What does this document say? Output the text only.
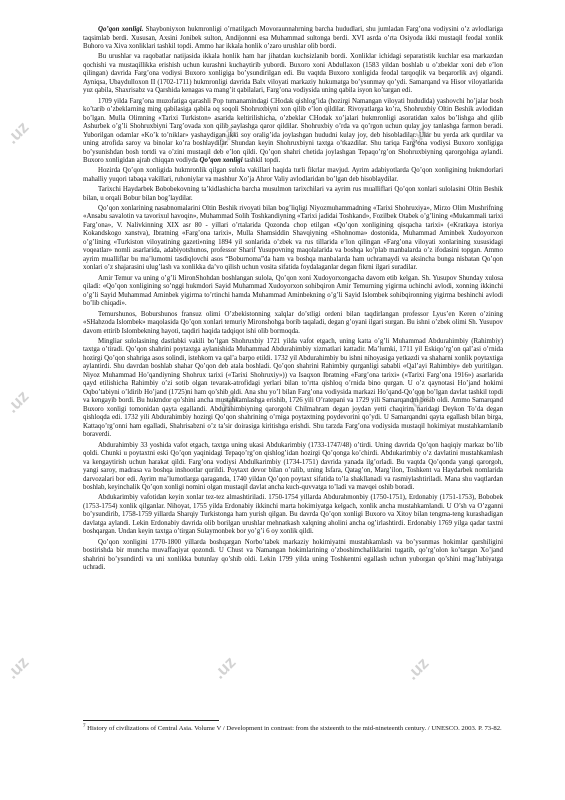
.uz	.uz	.uz
.uz	.uz	.uz
.uz	.uz	.uz

Qo’qon xonligi. Shayboniyxon hukmronligi o’rnatilgach Movoraunnahrning barcha hududlari, shu jumladan Farg’ona vodiysini o’z avlodlariga taqsimlab berdi. Xususan, Axsini Jonibek sulton, Andijonnni esa Muhammad sultonga berdi. XVI asrda o’rta Osiyoda ikki mustaqil feodal xonlik Buhoro va Xiva xonliklari tashkil topdi. Ammo har ikkala honlik o’zaro urushlar olib bordi.

Bu urushlar va raqobatlar natijasida ikkala honlik ham har jihatdan kuchsizlanib bordi. Xonliklar ichidagi separatistik kuchlar esa markazdan qochishi va mustaqillikka erishish uchun kurashni kuchaytirib yubordi. Buxoro xoni Abdullaxon (1583 yildan boshlab u o’zbeklar xoni deb e’lon qilingan) davrida Farg’ona vodiysi Buxoro xonligiga bo’ysundirilgan edi. Bu vaqtda Buxoro xonligida feodal tarqoqlik va beqarorlik avj olgandi. Ayniqsa, Ubaydulloxon II (1702-1711) hukmronligi davrida Balx viloyati markaziy hukumatga bo’ysunmay qo’ydi. Samarqand va Hisor viloyatlarida yuz qabila, Shaxrisabz va Qarshida kenagas va mang’it qabilalari, Farg’ona vodiysida uning qabila isyon ko’targan edi.

1709 yilda Farg’ona muzofatiga qarashli Pop tumanamindagi CHodak qishlog’ida (hozirgi Namangan viloyati hududida) yashovchi ho’jalar bosh ko’tarib o’zbeklarning ming qabilasiga qabila oq soqoli Shohruxbiyni xon qilib e’lon qildilar. Rivoyatlarga ko’ra, Shohruxbiy Oltin Beshik avlodidan bo’lgan. Mulla Olimning «Tarixi Turkiston» asarida keltirilishicha, o’zbeklar CHodak xo’jalari hukmronligi asoratidan xalos bo’lishga ahd qilib Ashurbek o’g’li Shohruxbiyni Targ’ovada xon qilib saylashga qaror qildilar. Shohruxbiy o’rda va qo’rgon uchun qulay joy tanlashga farmon beradi. Yuborilgan odamlar «Ko’k to’niklar» yashaydigan ikki soy oralig’ida joylashgan hududni kulay joy, deb hisobladilar. Ular bu yerda ark qurdilar va uning atrofida saroy va binolar ko’ra boshlaydilar. Shundan keyin Shohruxbiyni taxtga o’tkazdilar. Shu tariqa Farg’ona vodiysi Buxoro xonligiga bo’ysunishdan bosh tortdi va o’zini mustaqil deb e’lon qildi. Qo’qon shahri chetida joylashgan Tepaqo’rg’on Shohruxbiyning qarorgohiga aylandi. Buxoro xonligidan ajrab chiqqan vodiyda Qo’qon xonligi tashkil topdi.

Hozirda Qo’qon xonligida hukmronlik qilgan sulola vakillari haqida turli fikrlar mavjud. Ayrim adabiyotlarda Qo’qon xonligining hukmdorlari mahalliy yuqori tabaqa vakillari, ruhoniylar va mashhur Xo’ja Ahror Valiy avlodlaridan bo’lgan deb hisoblaydilar.

Tarixchi Haydarbek Bobobekovning ta’kidlashicha barcha musulmon tarixchilari va ayrim rus mualliflari Qo’qon xonlari sulolasini Oltin Beshik bilan, u orqali Bobur bilan bog’laydilar.

Qo’qon xonlarining nasabnomalarini Oltin Beshik rivoyati bilan bog’liqligi Niyozmuhammadning «Tarixi Shohruxiya», Mirzo Olim Mushrifning «Ansabu savalotin va tavorixul havoqin», Muhammad Solih Toshkandiyning «Tarixi jadidai Toshkand», Fozilbek Otabek o’g’lining «Mukammali tarixi Farg’ona», V. Nalivkinning XIX asr 80 - yillari o’rtalarida Qozonda chop etilgan «Qo’qon xonligining qisqacha tarixi» («Kratkaya istoriya Kokandskogo xanstva), Ibratning «Farg’ona tarixi», Mulla Shamsiddin Shavqiyning «Shohnoma» dostonida, Muhammad Aminbek Xudoyorxon o’g’lining «Turkiston viloyatining gazeti»ning 1894 yil sonlarida o’zbek va rus tillarida e’lon qilingan «Farg’ona viloyati xonlarining xususidagi voqeatlar» nomli asarlarida, adabiyotshunos, professor Sharif Yusupovning maqolalarida va boshqa ko’plab manbalarda o’z ifodasini topgan. Ammo ayrim mualliflar bu ma’lumotni tasdiqlovchi asos “Boburnoma”da ham va boshqa manbalarda ham uchramaydi va aksincha bunga nisbatan Qo’qon xonlari o’z shajarasini ulug’lash va xonlikka da’vo qilish uchun vosita sifatida foydalaganlar degan fikrni ilgari suradilar.

Amir Temur va uning o’g’li MironShohdan boshlangan sulola, Qo’qon xoni Xudoyorxongacha davom etib kelgan. Sh. Yusupov Shunday xulosa qiladi: «Qo’qon xonligining so’nggi hukmdori Sayid Muhammad Xudoyorxon sohibqiron Amir Temurning yigirma uchinchi avlodi, xonning ikkinchi o’g’li Sayid Muhammad Aminbek yigirma to’rtinchi hamda Muhammad Aminbekning o’g’li Sayid Islombek sohibqironning yigirma beshinchi avlodi bo’lib chiqadi».

Temurshunos, Boburshunos fransuz olimi O’zbekistonning xalqlar do’stligi ordeni bilan taqdirlangan professor Lyus’en Keren o’zining «SHahzoda Islombek» maqolasida Qo’qon xonlari temuriy Mironshohga borib taqaladi, degan g’oyani ilgari surgan. Bu ishni o’zbek olimi Sh. Yusupov davom ettirib Islombekning hayoti, taqdiri haqida tadqiqot ishi olib bormoqda.

Mingliar sulolasining dastlabki vakili bo’lgan Shohruxbiy 1721 yilda vafot etgach, uning katta o’g’li Muhammad Abdurahimbiy (Rahimbiy) taxtga o’tiradi. Qo’qon shahrini poytaxtga aylanishida Muhammad Abdurahimbiy xizmatlari kattadir. Ma’lumki, 1711 yil Eskiqo’rg’on qal’asi o’rnida hozirgi Qo’qon shahriga asos solindi, istehkom va qal’a barpo etildi. 1732 yil Abdurahimbiy bu ishni nihoyasiga yetkazdi va shaharni xonlik poytaxtiga aylantirdi. Shu davrdan boshlab shahar Qo’qon deb atala boshladi. Qo’qon shahrini Rahimbiy qurganligi sababli «Qal’ayi Rahimbiy» deb yuritilgan. Niyoz Muhammad Ho’qandiyning Shohrux tarixi («Tarixi Shohruxiy»)) va Isaqxon Ibratning «Farg’ona tarixi» («Tarixi Farg’ona 1916») asarlarida qayd etilishicha Rahimbiy o’zi sotib olgan tevarak-atrofidagi yerlari bilan to’rtta qishloq o’rnida bino qurgan. U o’z qaynotasi Ho’jand hokimi Oqbo’tabiyni o’ldirib Ho’jand (1725)ni ham qo’shib oldi. Ana shu yo’l bilan Farg’ona vodiysida markazi Ho’qand-Qo’qon bo’lgan davlat tashkil topdi va kengayib bordi. Bu hukmdor qo’shini ancha mustahkamlashga erishib, 1726 yili O’ratepani va 1729 yili Samarqandni bosib oldi. Ammo Samarqand Buxoro xonligi tomonidan qayta egallandi. Abdurahimbiyning qarorgohi Chilmahram degan joydan yetti chaqirim naridagi Deykon To’da degan qishloqda edi. 1732 yili Abdurahimbiy hozirgi Qo’qon shahrining o’rniga poytaxtning poydevorini qo’ydi. U Samarqandni qayta egallash bilan birga, Kattaqo’rg’onni ham egalladi, Shahrisabzni o’z ta’sir doirasiga kiritishga erishdi. Shu tarzda Farg’ona vodiysida mustaqil hokimiyat mustahkamlanib boraverdi.

Abdurahimbiy 33 yoshida vafot etgach, taxtga uning ukasi Abdukarimbiy (1733-1747/48) o’tirdi. Uning davrida Qo’qon haqiqiy markaz bo’lib qoldi. Chunki u poytaxtni eski Qo’qon yaqinidagi Tepaqo’rg’on qishlog’idan hozirgi Qo’qonga ko’chirdi. Abdukarimbiy o’z davlatini mustahkamlash va kengaytirish uchun harakat qildi. Farg’ona vodiysi Abdulkarimbiy (1734-1751) davrida yanada ilg’orladi. Bu vaqtda Qo’qonda yangi qarorgoh, yangi saroy, madrasa va boshqa inshootlar qurildi. Poytaxt devor bilan o’ralib, uning Isfara, Qatag’on, Marg’ilon, Toshkent va Haydarbek nomlarida darvozalari bor edi. Ayrim ma’lumotlarga qaraganda, 1740 yildan Qo’qon poytaxt sifatida to’la shakllanadi va rasmiylashtiriladi. Mana shu vaqtlardan boshlab, keyinchalik Qo’qon xonligi nomini olgan mustaqil davlat ancha kuch-quvvatga to’ladi va mavqei oshib boradi.

Abdukarimbiy vafotidan keyin xonlar tez-tez almashtiriladi. 1750-1754 yillarda Abdurahmonbiy (1750-1751), Erdonabiy (1751-1753), Bobobek (1753-1754) xonlik qilganlar. Nihoyat, 1755 yilda Erdonabiy ikkinchi marta hokimiyatga kelgach, xonlik ancha mustahkamlandi. U O’sh va O’zganni bo’ysundirib, 1758-1759 yillarda Sharqiy Turkistonga ham yurish qilgan. Bu davrda Qo’qon xonligi Buxoro va Xitoy bilan tengma-teng kurashadigan davlatga aylandi. Lekin Erdonabiy davrida olib borilgan urushlar mehnatkash xalqning aholini ancha og’irlashtirdi. Erdonabiy 1769 yilga qadar taxtni boshqargan. Undan keyin taxtga o’tirgan Sulaymonbek bor yo’g’i 6 oy xonlik qildi.

Qo’qon xonligini 1770-1800 yillarda boshqargan Norbo’tabek markaziy hokimiyatni mustahkamlash va bo’ysunmas hokimlar qarshiligini bostirishda bir muncha muvaffaqiyat qozondi. U Chust va Namangan hokimlarining o’zboshimchaliklarini tugatib, qo’rg’olon ko’targan Xo’jand shahrini bo’ysundirdi va uni xonlikka butunlay qo’shib oldi. Lekin 1799 yilda uning Toshkentni egallash uchun yuborgan qo’shini mag’lubiyatga uchradi.

$^7$ History of civilizations of Central Asia. Volume V / Development in contrast: from the sixteenth to the mid-nineteenth century. / UNESCO. 2003. P. 73-82.
